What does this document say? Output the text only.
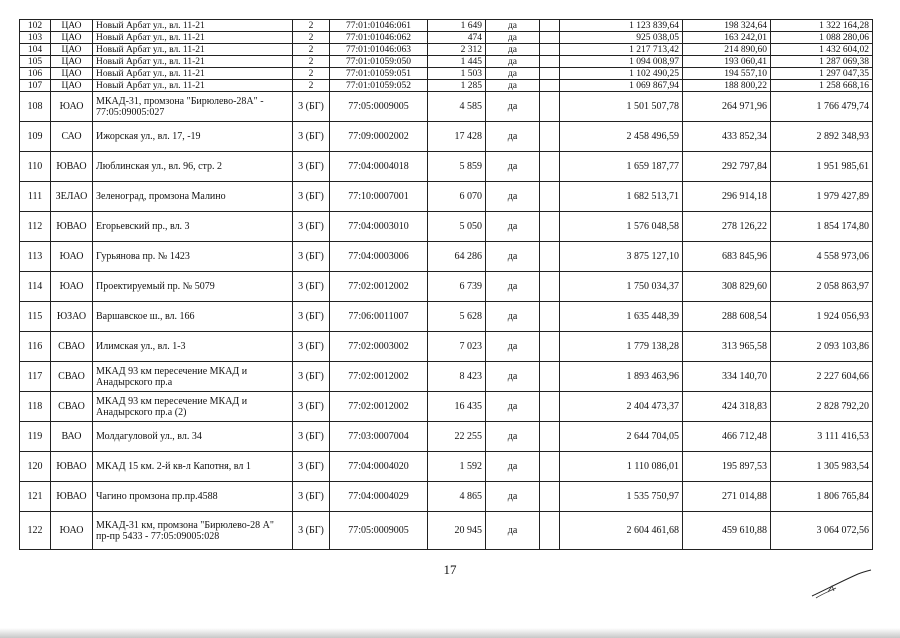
102	ЦАО	Новый Арбат ул., вл. 11-21	2	77:01:01046:061	1 649	да		1 123 839,64	198 324,64	1 322 164,28
103	ЦАО	Новый Арбат ул., вл. 11-21	2	77:01:01046:062	474	да		925 038,05	163 242,01	1 088 280,06
104	ЦАО	Новый Арбат ул., вл. 11-21	2	77:01:01046:063	2 312	да		1 217 713,42	214 890,60	1 432 604,02
105	ЦАО	Новый Арбат ул., вл. 11-21	2	77:01:01059:050	1 445	да		1 094 008,97	193 060,41	1 287 069,38
106	ЦАО	Новый Арбат ул., вл. 11-21	2	77:01:01059:051	1 503	да		1 102 490,25	194 557,10	1 297 047,35
107	ЦАО	Новый Арбат ул., вл. 11-21	2	77:01:01059:052	1 285	да		1 069 867,94	188 800,22	1 258 668,16
108	ЮАО	МКАД-31, промзона "Бирюлево-28А" - 77:05:09005:027	3 (БГ)	77:05:0009005	4 585	да		1 501 507,78	264 971,96	1 766 479,74
109	САО	Ижорская ул., вл. 17, -19	3 (БГ)	77:09:0002002	17 428	да		2 458 496,59	433 852,34	2 892 348,93
110	ЮВАО	Люблинская ул., вл. 96, стр. 2	3 (БГ)	77:04:0004018	5 859	да		1 659 187,77	292 797,84	1 951 985,61
111	ЗЕЛАО	Зеленоград, промзона Малино	3 (БГ)	77:10:0007001	6 070	да		1 682 513,71	296 914,18	1 979 427,89
112	ЮВАО	Егорьевский пр., вл. 3	3 (БГ)	77:04:0003010	5 050	да		1 576 048,58	278 126,22	1 854 174,80
113	ЮАО	Гурьянова пр. № 1423	3 (БГ)	77:04:0003006	64 286	да		3 875 127,10	683 845,96	4 558 973,06
114	ЮАО	Проектируемый пр. № 5079	3 (БГ)	77:02:0012002	6 739	да		1 750 034,37	308 829,60	2 058 863,97
115	ЮЗАО	Варшавское ш., вл. 166	3 (БГ)	77:06:0011007	5 628	да		1 635 448,39	288 608,54	1 924 056,93
116	СВАО	Илимская ул., вл. 1-3	3 (БГ)	77:02:0003002	7 023	да		1 779 138,28	313 965,58	2 093 103,86
117	СВАО	МКАД 93 км пересечение МКАД и Анадырского пр.а	3 (БГ)	77:02:0012002	8 423	да		1 893 463,96	334 140,70	2 227 604,66
118	СВАО	МКАД 93 км пересечение МКАД и Анадырского пр.а (2)	3 (БГ)	77:02:0012002	16 435	да		2 404 473,37	424 318,83	2 828 792,20
119	ВАО	Молдагуловой ул., вл. 34	3 (БГ)	77:03:0007004	22 255	да		2 644 704,05	466 712,48	3 111 416,53
120	ЮВАО	МКАД 15 км. 2-й кв-л Капотня, вл 1	3 (БГ)	77:04:0004020	1 592	да		1 110 086,01	195 897,53	1 305 983,54
121	ЮВАО	Чагино промзона пр.пр.4588	3 (БГ)	77:04:0004029	4 865	да		1 535 750,97	271 014,88	1 806 765,84
122	ЮАО	МКАД-31 км, промзона "Бирюлево-28 А" пр-пр 5433 - 77:05:09005:028	3 (БГ)	77:05:0009005	20 945	да		2 604 461,68	459 610,88	3 064 072,56
17
